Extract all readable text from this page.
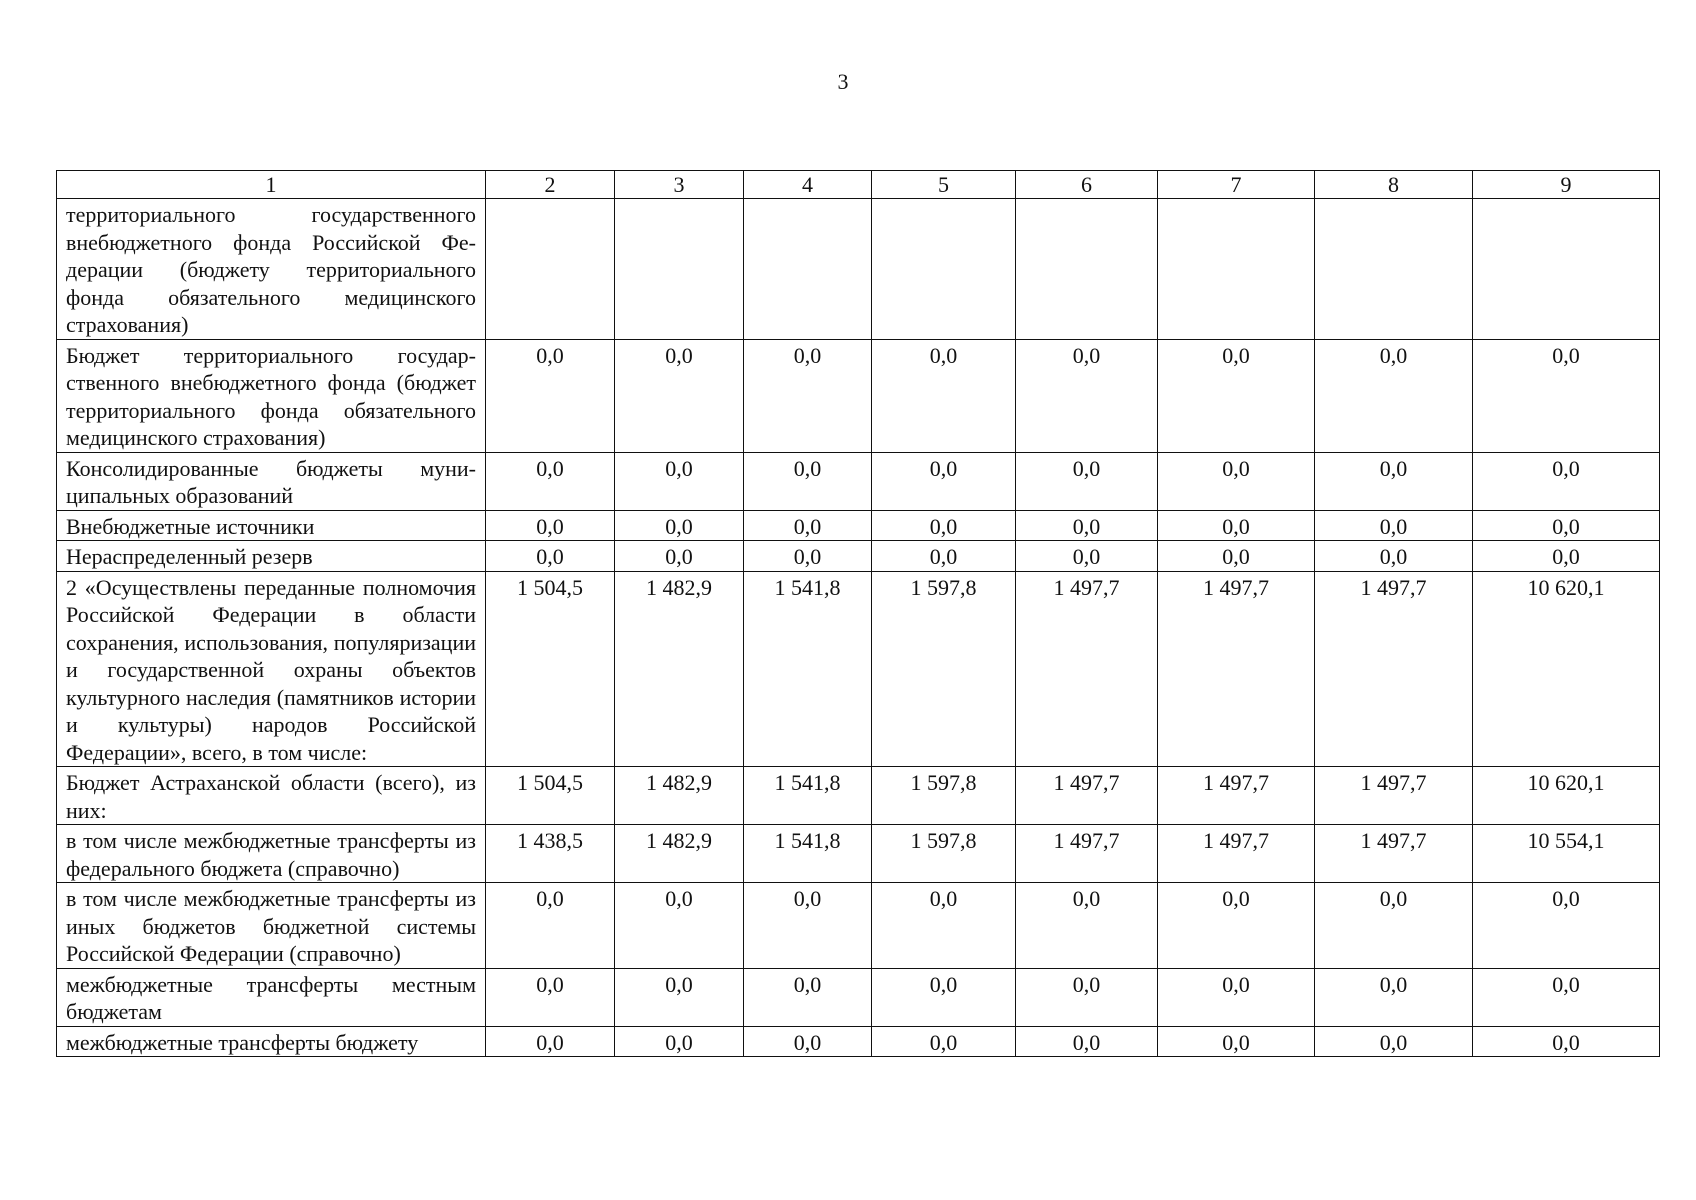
3
1	2	3	4	5	6	7	8	9
территориального государственного внебюджетного фонда Российской Федерации (бюджету территориального фонда обязательного медицинского страхования)								
Бюджет территориального государственного внебюджетного фонда (бюджет территориального фонда обязательного медицинского страхования)	0,0	0,0	0,0	0,0	0,0	0,0	0,0	0,0
Консолидированные бюджеты муниципальных образований	0,0	0,0	0,0	0,0	0,0	0,0	0,0	0,0
Внебюджетные источники	0,0	0,0	0,0	0,0	0,0	0,0	0,0	0,0
Нераспределенный резерв	0,0	0,0	0,0	0,0	0,0	0,0	0,0	0,0
2 «Осуществлены переданные полномочия Российской Федерации в области сохранения, использования, популяризации и государственной охраны объектов культурного наследия (памятников истории и культуры) народов Российской Федерации», всего, в том числе:	1 504,5	1 482,9	1 541,8	1 597,8	1 497,7	1 497,7	1 497,7	10 620,1
Бюджет Астраханской области (всего), из них:	1 504,5	1 482,9	1 541,8	1 597,8	1 497,7	1 497,7	1 497,7	10 620,1
в том числе межбюджетные трансферты из федерального бюджета (справочно)	1 438,5	1 482,9	1 541,8	1 597,8	1 497,7	1 497,7	1 497,7	10 554,1
в том числе межбюджетные трансферты из иных бюджетов бюджетной системы Российской Федерации (справочно)	0,0	0,0	0,0	0,0	0,0	0,0	0,0	0,0
межбюджетные трансферты местным бюджетам	0,0	0,0	0,0	0,0	0,0	0,0	0,0	0,0
межбюджетные трансферты бюджету	0,0	0,0	0,0	0,0	0,0	0,0	0,0	0,0
